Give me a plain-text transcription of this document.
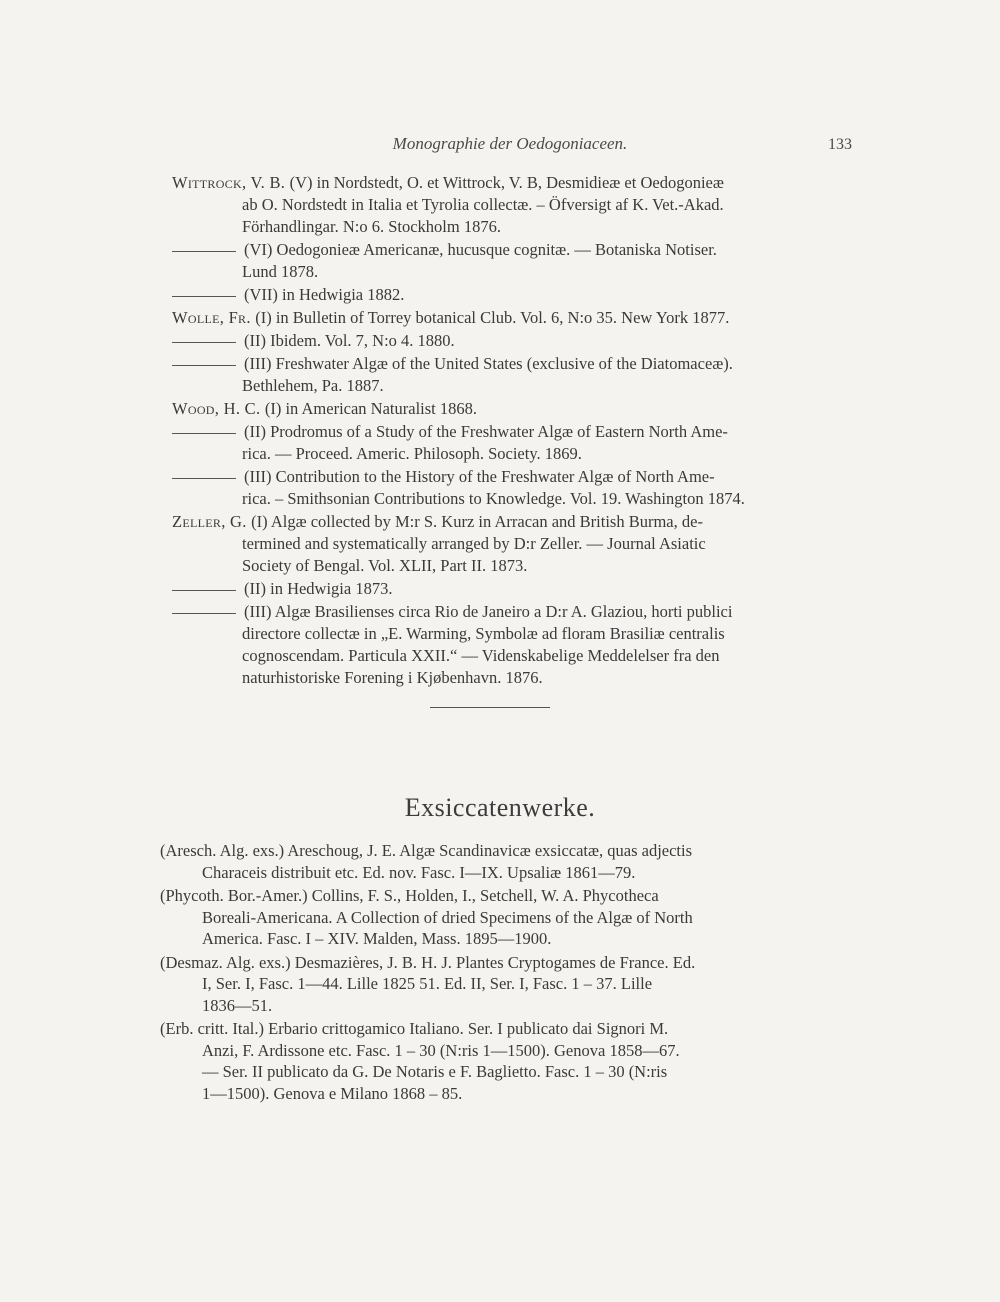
Monographie der Oedogoniaceen.	133
Wittrock, V. B. (V) in Nordstedt, O. et Wittrock, V. B, Desmidieæ et Oedogonieæ
ab O. Nordstedt in Italia et Tyrolia collectæ. – Öfversigt af K. Vet.-Akad.
Förhandlingar. N:o 6. Stockholm 1876.
(VI) Oedogonieæ Americanæ, hucusque cognitæ. — Botaniska Notiser.
Lund 1878.
(VII) in Hedwigia 1882.
Wolle, Fr. (I) in Bulletin of Torrey botanical Club. Vol. 6, N:o 35. New York 1877.
(II) Ibidem. Vol. 7, N:o 4. 1880.
(III) Freshwater Algæ of the United States (exclusive of the Diatomaceæ).
Bethlehem, Pa. 1887.
Wood, H. C. (I) in American Naturalist 1868.
(II) Prodromus of a Study of the Freshwater Algæ of Eastern North Ame-
rica. — Proceed. Americ. Philosoph. Society. 1869.
(III) Contribution to the History of the Freshwater Algæ of North Ame-
rica. – Smithsonian Contributions to Knowledge. Vol. 19. Washington 1874.
Zeller, G. (I) Algæ collected by M:r S. Kurz in Arracan and British Burma, de-
termined and systematically arranged by D:r Zeller. — Journal Asiatic
Society of Bengal. Vol. XLII, Part II. 1873.
(II) in Hedwigia 1873.
(III) Algæ Brasilienses circa Rio de Janeiro a D:r A. Glaziou, horti publici
directore collectæ in „E. Warming, Symbolæ ad floram Brasiliæ centralis
cognoscendam. Particula XXII.“ — Videnskabelige Meddelelser fra den
naturhistoriske Forening i Kjøbenhavn. 1876.
Exsiccatenwerke.
(Aresch. Alg. exs.) Areschoug, J. E. Algæ Scandinavicæ exsiccatæ, quas adjectis
Characeis distribuit etc. Ed. nov. Fasc. I—IX. Upsaliæ 1861—79.
(Phycoth. Bor.-Amer.) Collins, F. S., Holden, I., Setchell, W. A. Phycotheca
Boreali-Americana. A Collection of dried Specimens of the Algæ of North
America. Fasc. I – XIV. Malden, Mass. 1895—1900.
(Desmaz. Alg. exs.) Desmazières, J. B. H. J. Plantes Cryptogames de France. Ed.
I, Ser. I, Fasc. 1—44. Lille 1825 51. Ed. II, Ser. I, Fasc. 1 – 37. Lille
1836—51.
(Erb. critt. Ital.) Erbario crittogamico Italiano. Ser. I publicato dai Signori M.
Anzi, F. Ardissone etc. Fasc. 1 – 30 (N:ris 1—1500). Genova 1858—67.
— Ser. II publicato da G. De Notaris e F. Baglietto. Fasc. 1 – 30 (N:ris
1—1500). Genova e Milano 1868 – 85.
